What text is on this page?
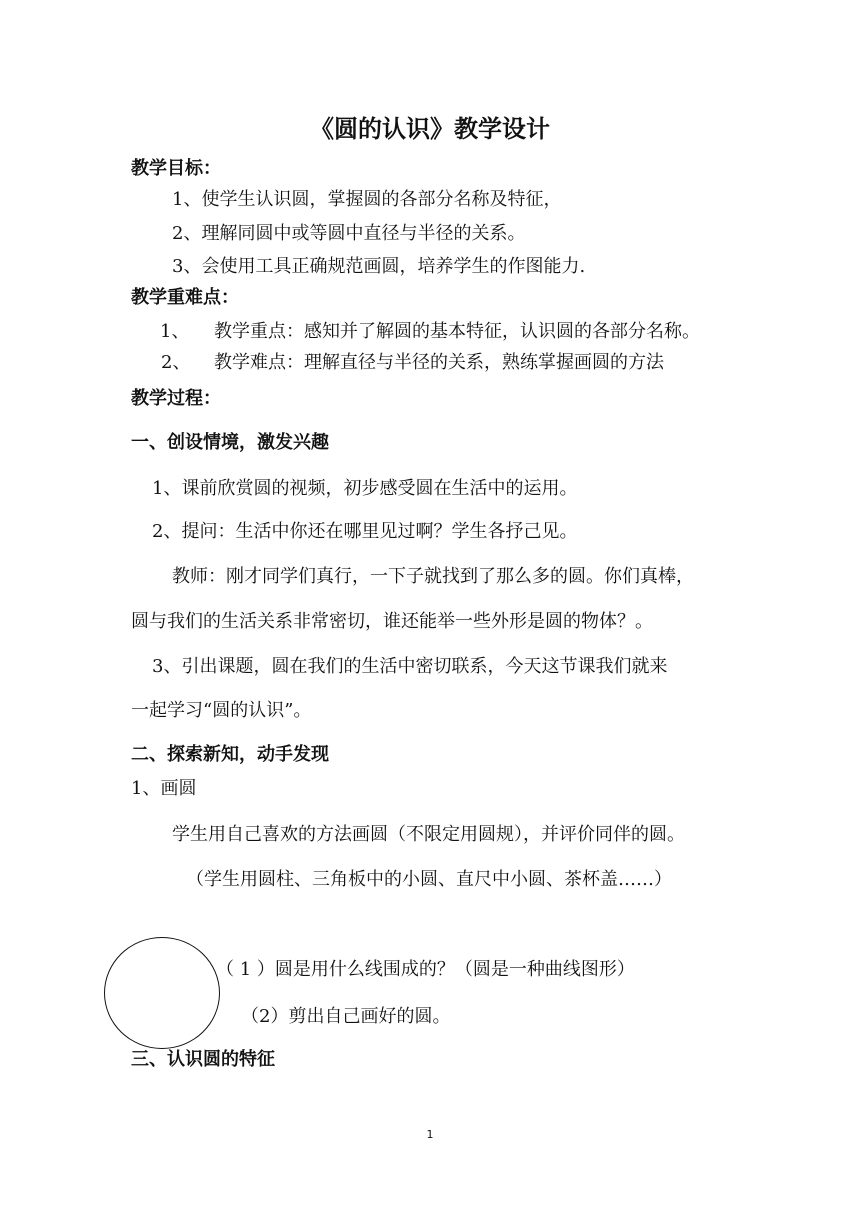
《圆的认识》教学设计
教学目标：
1、使学生认识圆，掌握圆的各部分名称及特征，
2、理解同圆中或等圆中直径与半径的关系。
3、会使用工具正确规范画圆，培养学生的作图能力.
教学重难点：
1、 教学重点：感知并了解圆的基本特征，认识圆的各部分名称。
2、 教学难点：理解直径与半径的关系，熟练掌握画圆的方法
教学过程：
一、创设情境，激发兴趣
1、课前欣赏圆的视频，初步感受圆在生活中的运用。
2、提问：生活中你还在哪里见过啊？学生各抒己见。
教师：刚才同学们真行，一下子就找到了那么多的圆。你们真棒，
圆与我们的生活关系非常密切，谁还能举一些外形是圆的物体？。
3、引出课题，圆在我们的生活中密切联系，今天这节课我们就来
一起学习“圆的认识”。
二、探索新知，动手发现
1、画圆
学生用自己喜欢的方法画圆（不限定用圆规），并评价同伴的圆。
（学生用圆柱、三角板中的小圆、直尺中小圆、茶杯盖……）
（ 1 ）圆是用什么线围成的？（圆是一种曲线图形）
（2）剪出自己画好的圆。
三、认识圆的特征
1
